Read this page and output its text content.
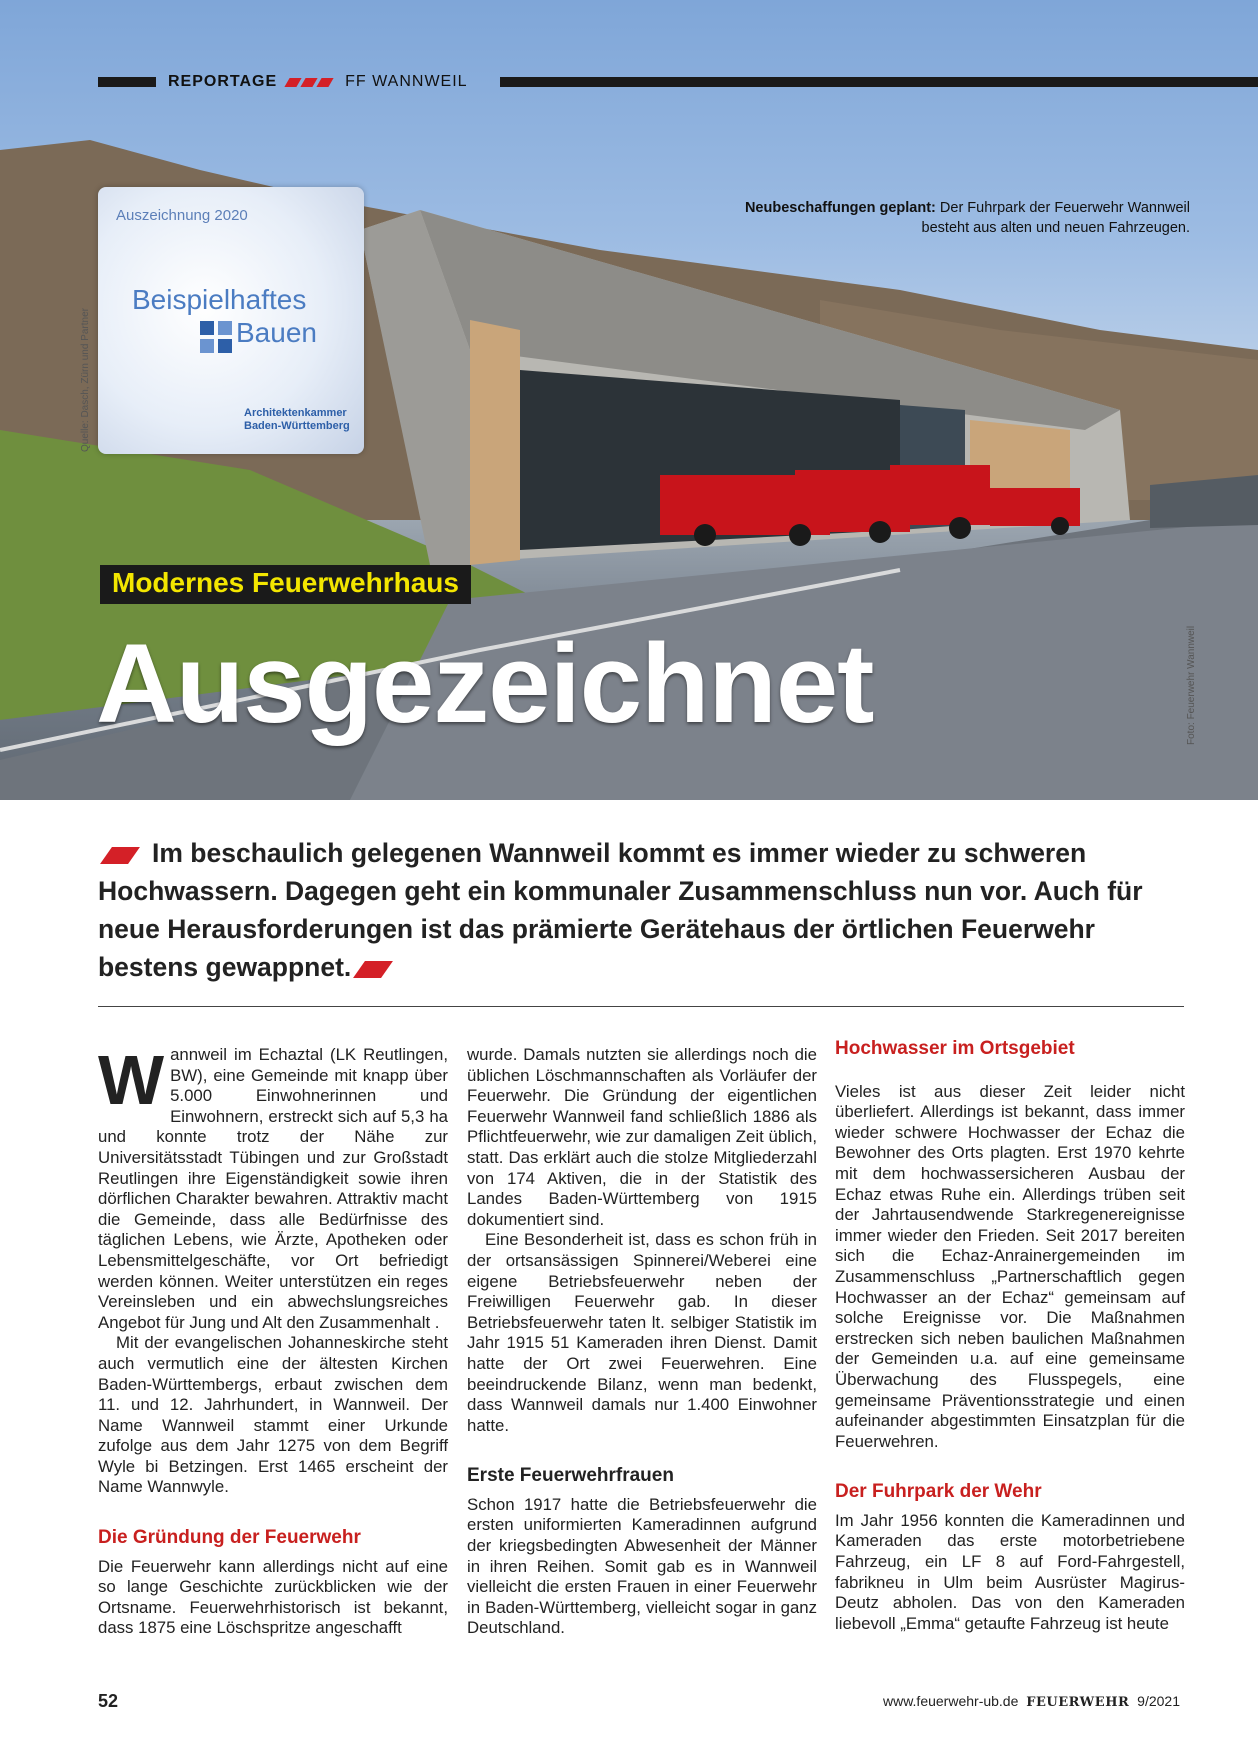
REPORTAGE	FF WANNWEIL
Auszeichnung 2020
Beispielhaftes
Bauen
Architektenkammer
Baden-Württemberg
Quelle: Dasch, Zürn und Partner
Foto: Feuerwehr Wannweil
Neubeschaffungen geplant: Der Fuhrpark der Feuerwehr Wannweil besteht aus alten und neuen Fahrzeugen.
Modernes Feuerwehrhaus
Ausgezeichnet
Im beschaulich gelegenen Wannweil kommt es immer wieder zu schweren Hochwassern. Dagegen geht ein kommunaler Zusammenschluss nun vor. Auch für neue Herausforderungen ist das prämierte Gerätehaus der örtlichen Feuerwehr bestens gewappnet.

Wannweil im Echaztal (LK Reutlingen, BW), eine Gemeinde mit knapp über 5.000 Einwohnerinnen und Einwohnern, erstreckt sich auf 5,3 ha und konnte trotz der Nähe zur Universitätsstadt Tübingen und zur Großstadt Reutlingen ihre Eigenständigkeit sowie ihren dörflichen Charakter bewahren. Attraktiv macht die Gemeinde, dass alle Bedürfnisse des täglichen Lebens, wie Ärzte, Apotheken oder Lebensmittelgeschäfte, vor Ort befriedigt werden können. Weiter unterstützen ein reges Vereinsleben und ein abwechslungsreiches Angebot für Jung und Alt den Zusammenhalt .

Mit der evangelischen Johanneskirche steht auch vermutlich eine der ältesten Kirchen Baden-Württembergs, erbaut zwischen dem 11. und 12. Jahrhundert, in Wannweil. Der Name Wannweil stammt einer Urkunde zufolge aus dem Jahr 1275 von dem Begriff Wyle bi Betzingen. Erst 1465 erscheint der Name Wannwyle.

Die Gründung der Feuerwehr

Die Feuerwehr kann allerdings nicht auf eine so lange Geschichte zurückblicken wie der Ortsname. Feuerwehrhistorisch ist bekannt, dass 1875 eine Löschspritze angeschafft

wurde. Damals nutzten sie allerdings noch die üblichen Löschmannschaften als Vorläufer der Feuerwehr. Die Gründung der eigentlichen Feuerwehr Wannweil fand schließlich 1886 als Pflichtfeuerwehr, wie zur damaligen Zeit üblich, statt. Das erklärt auch die stolze Mitgliederzahl von 174 Aktiven, die in der Statistik des Landes Baden-Württemberg von 1915 dokumentiert sind.

Eine Besonderheit ist, dass es schon früh in der ortsansässigen Spinnerei/Weberei eine eigene Betriebsfeuerwehr neben der Freiwilligen Feuerwehr gab. In dieser Betriebsfeuerwehr taten lt. selbiger Statistik im Jahr 1915 51 Kameraden ihren Dienst. Damit hatte der Ort zwei Feuerwehren. Eine beeindruckende Bilanz, wenn man bedenkt, dass Wannweil damals nur 1.400 Einwohner hatte.

Erste Feuerwehrfrauen

Schon 1917 hatte die Betriebsfeuerwehr die ersten uniformierten Kameradinnen aufgrund der kriegsbedingten Abwesenheit der Männer in ihren Reihen. Somit gab es in Wannweil vielleicht die ersten Frauen in einer Feuerwehr in Baden-Württemberg, vielleicht sogar in ganz Deutschland.

Hochwasser im Ortsgebiet

Vieles ist aus dieser Zeit leider nicht überliefert. Allerdings ist bekannt, dass immer wieder schwere Hochwasser der Echaz die Bewohner des Orts plagten. Erst 1970 kehrte mit dem hochwassersicheren Ausbau der Echaz etwas Ruhe ein. Allerdings trüben seit der Jahrtausendwende Starkregenereignisse immer wieder den Frieden. Seit 2017 bereiten sich die Echaz-Anrainergemeinden im Zusammenschluss „Partnerschaftlich gegen Hochwasser an der Echaz“ gemeinsam auf solche Ereignisse vor. Die Maßnahmen erstrecken sich neben baulichen Maßnahmen der Gemeinden u.a. auf eine gemeinsame Überwachung des Flusspegels, eine gemeinsame Präventionsstrategie und einen aufeinander abgestimmten Einsatzplan für die Feuerwehren.

Der Fuhrpark der Wehr

Im Jahr 1956 konnten die Kameradinnen und Kameraden das erste motorbetriebene Fahrzeug, ein LF 8 auf Ford-Fahrgestell, fabrikneu in Ulm beim Ausrüster Magirus-Deutz abholen. Das von den Kameraden liebevoll „Emma“ getaufte Fahrzeug ist heute

52	www.feuerwehr-ub.de FEUERWEHR 9/2021
